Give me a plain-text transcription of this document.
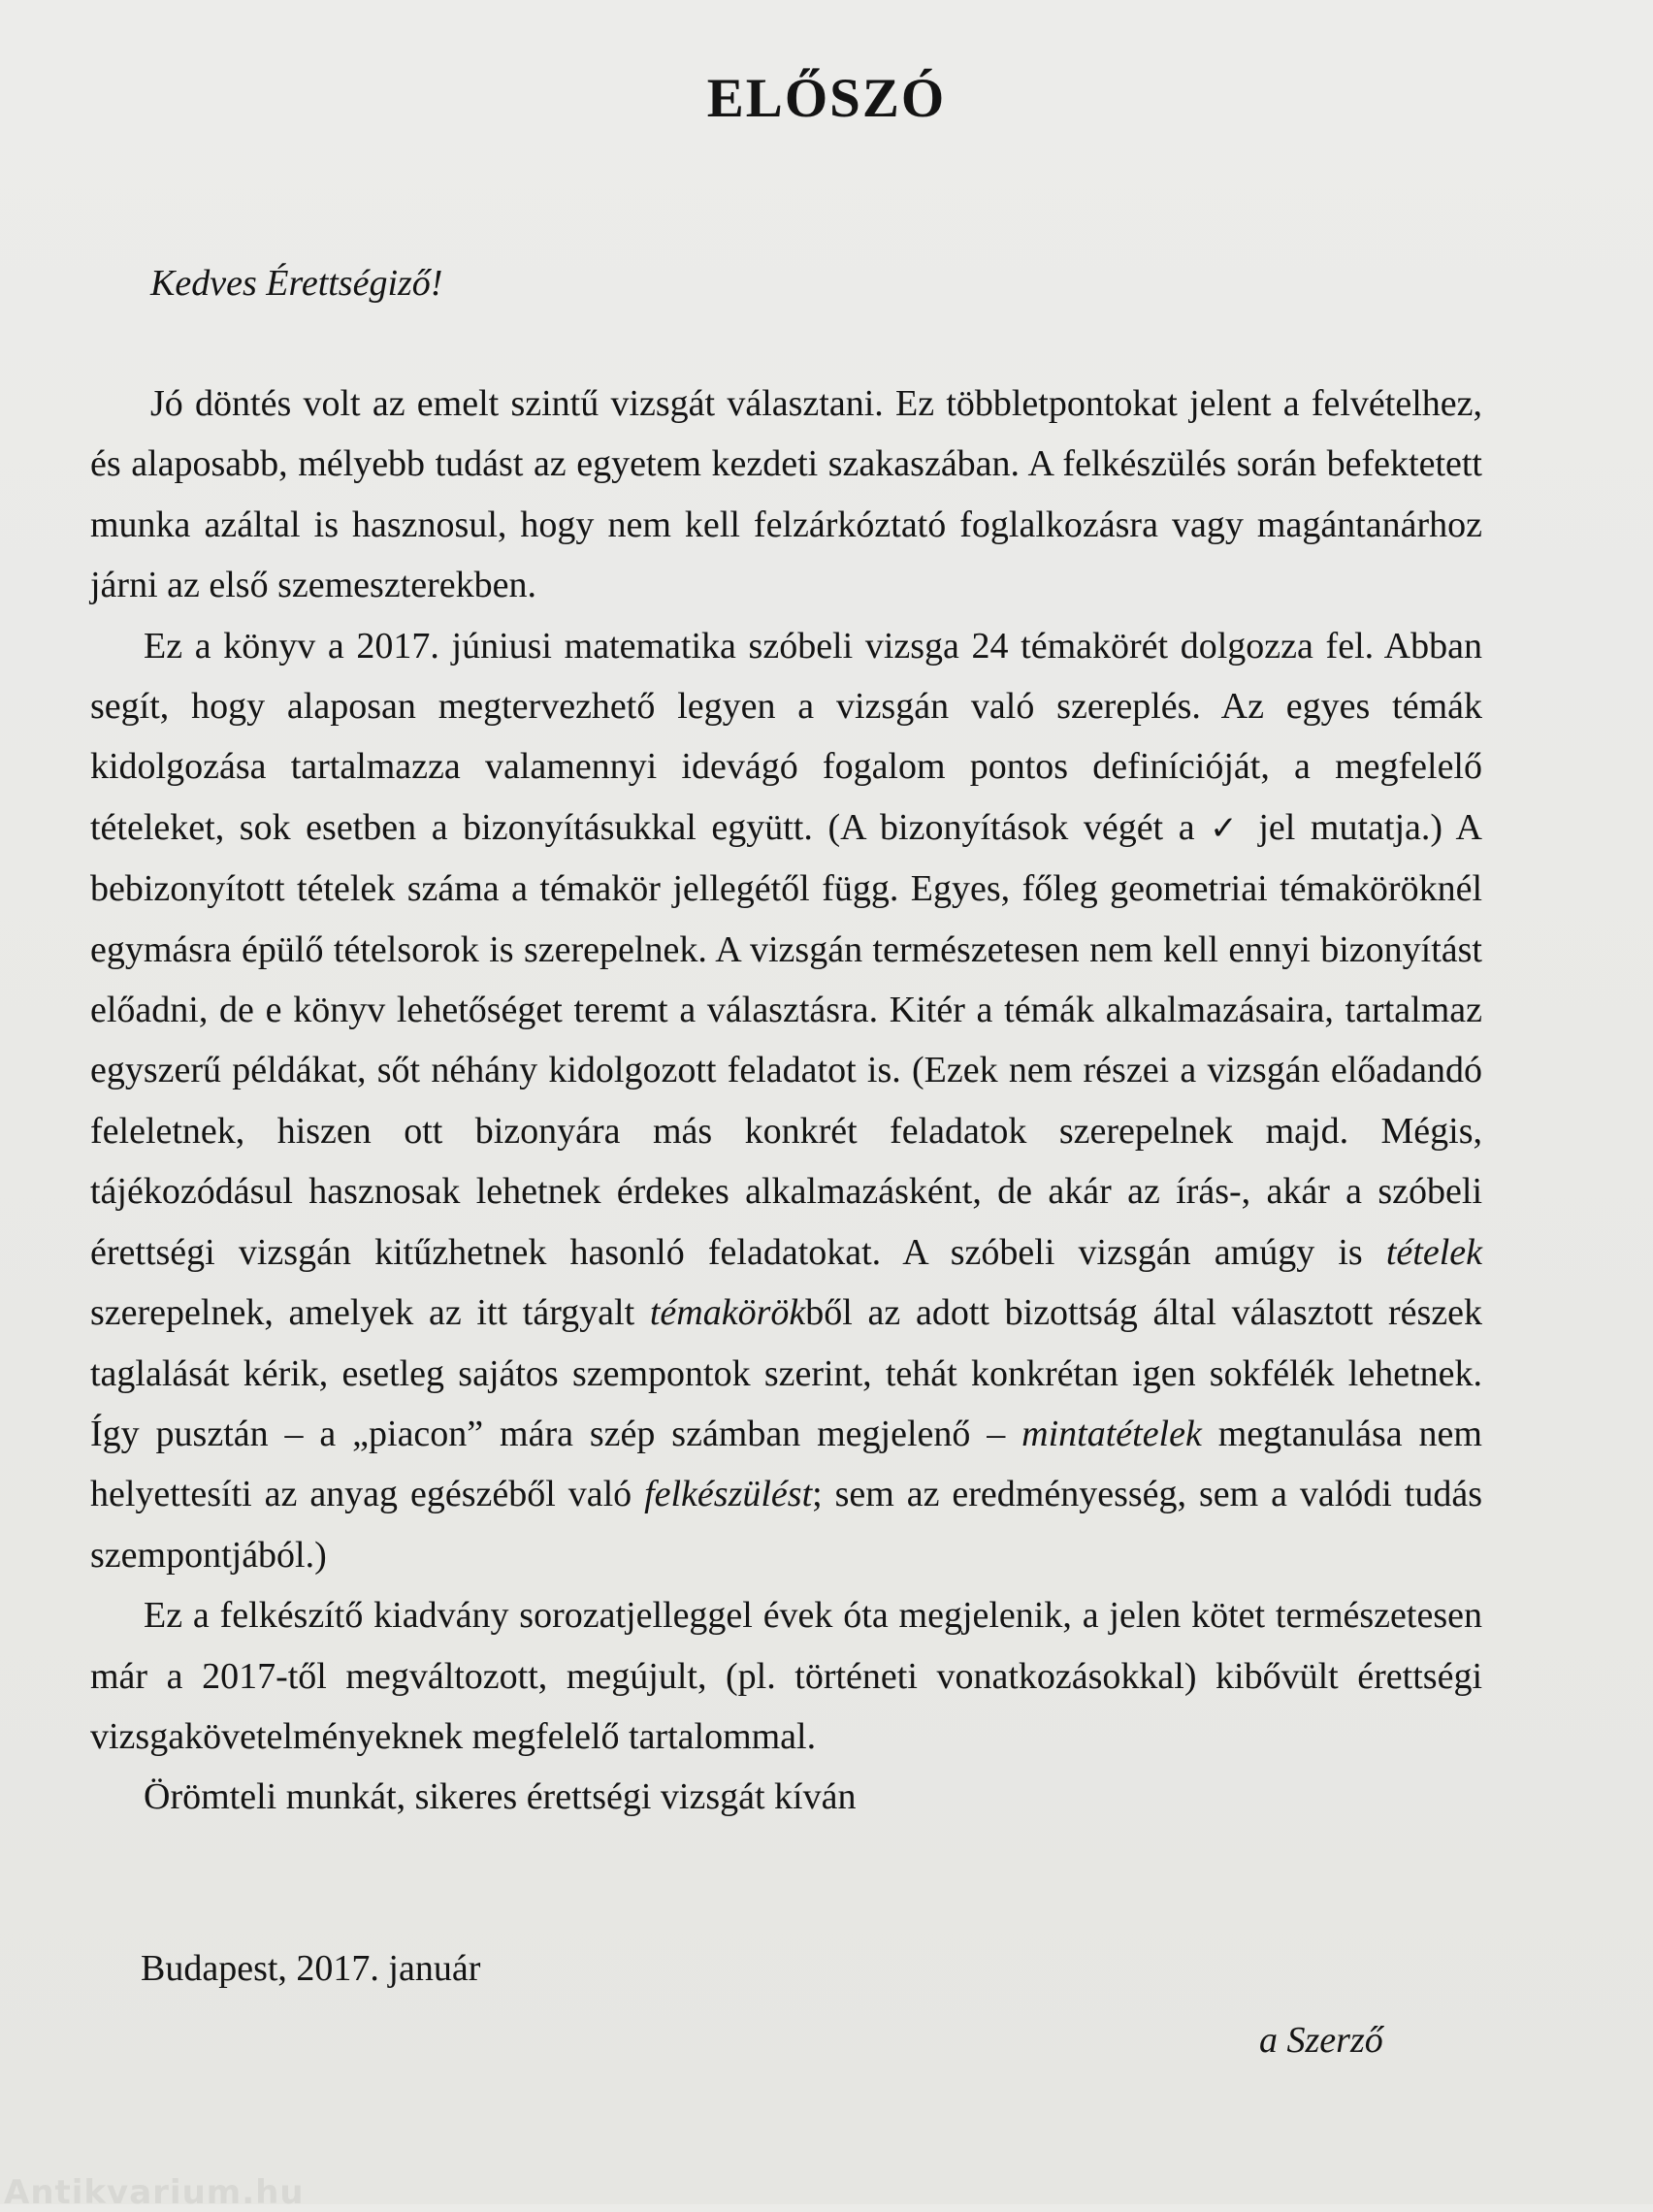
ELŐSZÓ
Kedves Érettségiző!

Jó döntés volt az emelt szintű vizsgát választani. Ez többletpontokat jelent a felvételhez, és alaposabb, mélyebb tudást az egyetem kezdeti szakaszában. A felkészülés során befektetett munka azáltal is hasznosul, hogy nem kell felzárkóztató foglalkozásra vagy magántanárhoz járni az első szemeszterekben.

Ez a könyv a 2017. júniusi matematika szóbeli vizsga 24 témakörét dolgozza fel. Abban segít, hogy alaposan megtervezhető legyen a vizsgán való szereplés. Az egyes témák kidolgozása tartalmazza valamennyi idevágó fogalom pontos definícióját, a megfelelő tételeket, sok esetben a bizonyításukkal együtt. (A bizonyítások végét a ✓ jel mutatja.) A bebizonyított tételek száma a témakör jellegétől függ. Egyes, főleg geometriai témaköröknél egymásra épülő tételsorok is szerepelnek. A vizsgán természetesen nem kell ennyi bizonyítást előadni, de e könyv lehetőséget teremt a választásra. Kitér a témák alkalmazásaira, tartalmaz egyszerű példákat, sőt néhány kidolgozott feladatot is. (Ezek nem részei a vizsgán előadandó feleletnek, hiszen ott bizonyára más konkrét feladatok szerepelnek majd. Mégis, tájékozódásul hasznosak lehetnek érdekes alkalmazásként, de akár az írás-, akár a szóbeli érettségi vizsgán kitűzhetnek hasonló feladatokat. A szóbeli vizsgán amúgy is tételek szerepelnek, amelyek az itt tárgyalt témakörökből az adott bizottság által választott részek taglalását kérik, esetleg sajátos szempontok szerint, tehát konkrétan igen sokfélék lehetnek. Így pusztán – a „piacon” mára szép számban megjelenő – mintatételek megtanulása nem helyettesíti az anyag egészéből való felkészülést; sem az eredményesség, sem a valódi tudás szempontjából.)

Ez a felkészítő kiadvány sorozatjelleggel évek óta megjelenik, a jelen kötet természetesen már a 2017-től megváltozott, megújult, (pl. történeti vonatkozásokkal) kibővült érettségi vizsgakövetelményeknek megfelelő tartalommal.

Örömteli munkát, sikeres érettségi vizsgát kíván

Budapest, 2017. január
a Szerző
Antikvarium.hu
